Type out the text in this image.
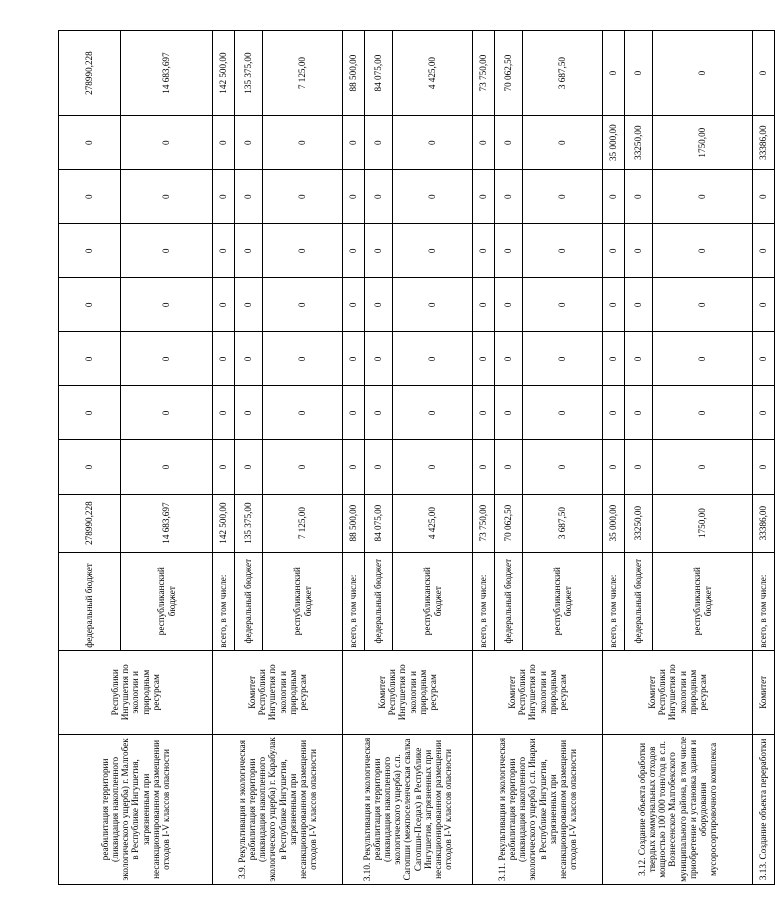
реабилитация территории (ликвидация накопленного экологического ущерба) г. Малгобек в Республике Ингушетия, загрязненным при несанкционированном размещении отходов I-V классов опасности	Республики Ингушетия по экологии и природным ресурсам	федеральный бюджет	278990,228	0	0	0	0	0	0	0	278990,228
		республиканский бюджет	14 683,697	0	0	0	0	0	0	0	14 683,697
3.9. Рекультивация и экологическая реабилитация территории (ликвидация накопленного экологического ущерба) г. Карабулак в Республике Ингушетия, загрязненным при несанкционированном размещении отходов I-V классов опасности	Комитет Республики Ингушетия по экологии и природным ресурсам	всего, в том числе:	142 500,00	0	0	0	0	0	0	0	142 500,00
		федеральный бюджет	135 375,00	0	0	0	0	0	0	0	135 375,00
		республиканский бюджет	7 125,00	0	0	0	0	0	0	0	7 125,00
3.10. Рекультивация и экологическая реабилитация территории (ликвидация накопленного экологического ущерба) с.п. Сагопши (межпоселенческая свалка Сагопши-Пседах) в Республике Ингушетия, загрязненных при несанкционированном размещении отходов I-V классов опасности	Комитет Республики Ингушетия по экологии и природным ресурсам	всего, в том числе:	88 500,00	0	0	0	0	0	0	0	88 500,00
		федеральный бюджет	84 075,00	0	0	0	0	0	0	0	84 075,00
		республиканский бюджет	4 425,00	0	0	0	0	0	0	0	4 425,00
3.11. Рекультивация и экологическая реабилитация территории (ликвидация накопленного экологического ущерба) с.п. Инарки в Республике Ингушетия, загрязненных при несанкционированном размещении отходов I-V классов опасности	Комитет Республики Ингушетия по экологии и природным ресурсам	всего, в том числе:	73 750,00	0	0	0	0	0	0	0	73 750,00
		федеральный бюджет	70 062,50	0	0	0	0	0	0	0	70 062,50
		республиканский бюджет	3 687,50	0	0	0	0	0	0	0	3 687,50
3.12. Создание объекта обработки твердых коммунальных отходов мощностью 100 000 тонн/год в с.п. Вознесенское Малгобекского муниципального района, в том числе приобретение и установка здания и оборудования мусоросортировочного комплекса	Комитет Республики Ингушетия по экологии и природным ресурсам	всего, в том числе:	35 000,00	0	0	0	0	0	0	35 000,00	0
		федеральный бюджет	33250,00	0	0	0	0	0	0	33250,00	0
		республиканский бюджет	1750,00	0	0	0	0	0	0	1750,00	0
3.13. Создание объекта переработки	Комитет	всего, в том числе:	33386,00	0	0	0	0	0	0	33386,00	0
